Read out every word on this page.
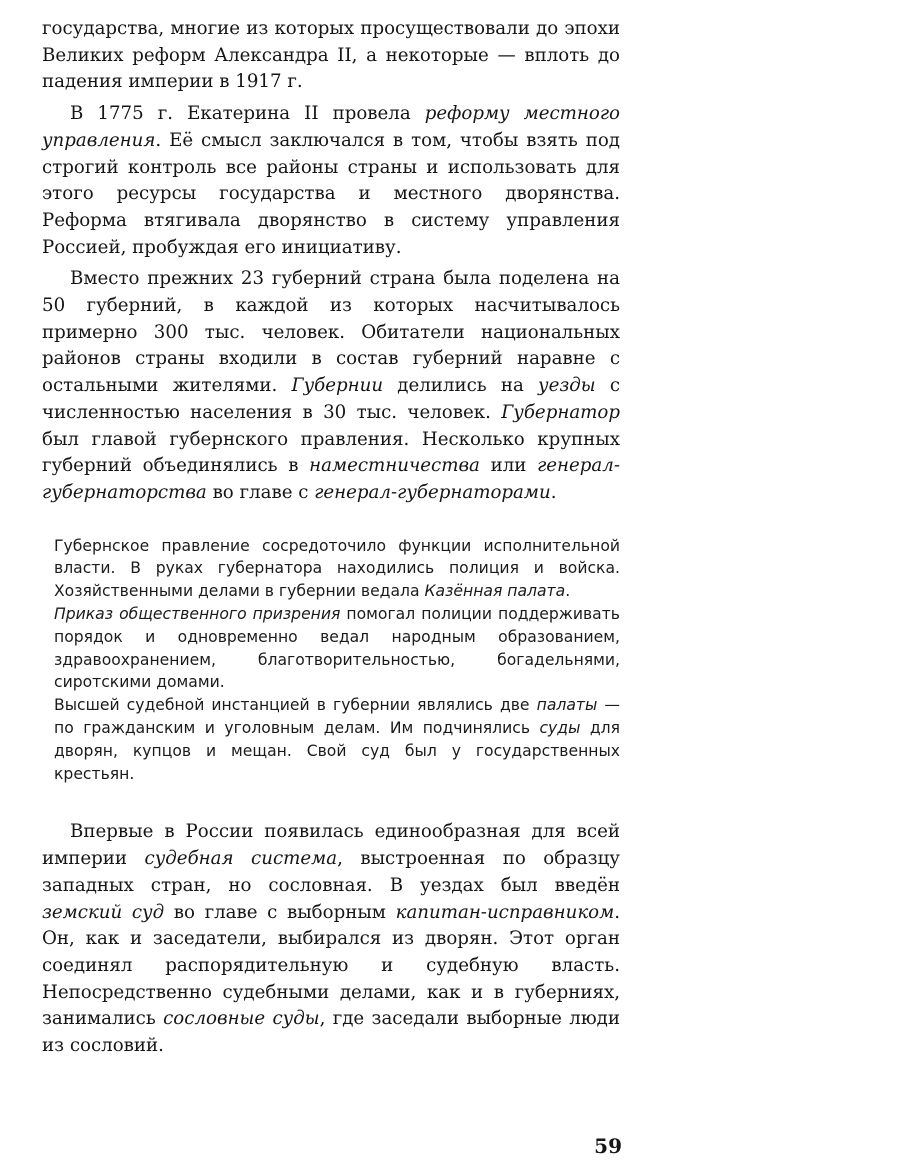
государства, многие из которых просуществовали до эпохи Великих реформ Александра II, а некоторые — вплоть до падения империи в 1917 г.

В 1775 г. Екатерина II провела реформу местного управления. Её смысл заключался в том, чтобы взять под строгий контроль все районы страны и использовать для этого ресурсы государства и местного дворянства. Реформа втягивала дворянство в систему управления Россией, пробуждая его инициативу.

Вместо прежних 23 губерний страна была поделена на 50 губерний, в каждой из которых насчитывалось примерно 300 тыс. человек. Обитатели национальных районов страны входили в состав губерний наравне с остальными жителями. Губернии делились на уезды с численностью населения в 30 тыс. человек. Губернатор был главой губернского правления. Несколько крупных губерний объединялись в наместничества или генерал-губернаторства во главе с генерал-губернаторами.

Губернское правление сосредоточило функции исполнительной власти. В руках губернатора находились полиция и войска. Хозяйственными делами в губернии ведала Казённая палата.

Приказ общественного призрения помогал полиции поддерживать порядок и одновременно ведал народным образованием, здравоохранением, благотворительностью, богадельнями, сиротскими домами.

Высшей судебной инстанцией в губернии являлись две палаты — по гражданским и уголовным делам. Им подчинялись суды для дворян, купцов и мещан. Свой суд был у государственных крестьян.

Впервые в России появилась единообразная для всей империи судебная система, выстроенная по образцу западных стран, но сословная. В уездах был введён земский суд во главе с выборным капитан-исправником. Он, как и заседатели, выбирался из дворян. Этот орган соединял распорядительную и судебную власть. Непосредственно судебными делами, как и в губерниях, занимались сословные суды, где заседали выборные люди из сословий.

59
